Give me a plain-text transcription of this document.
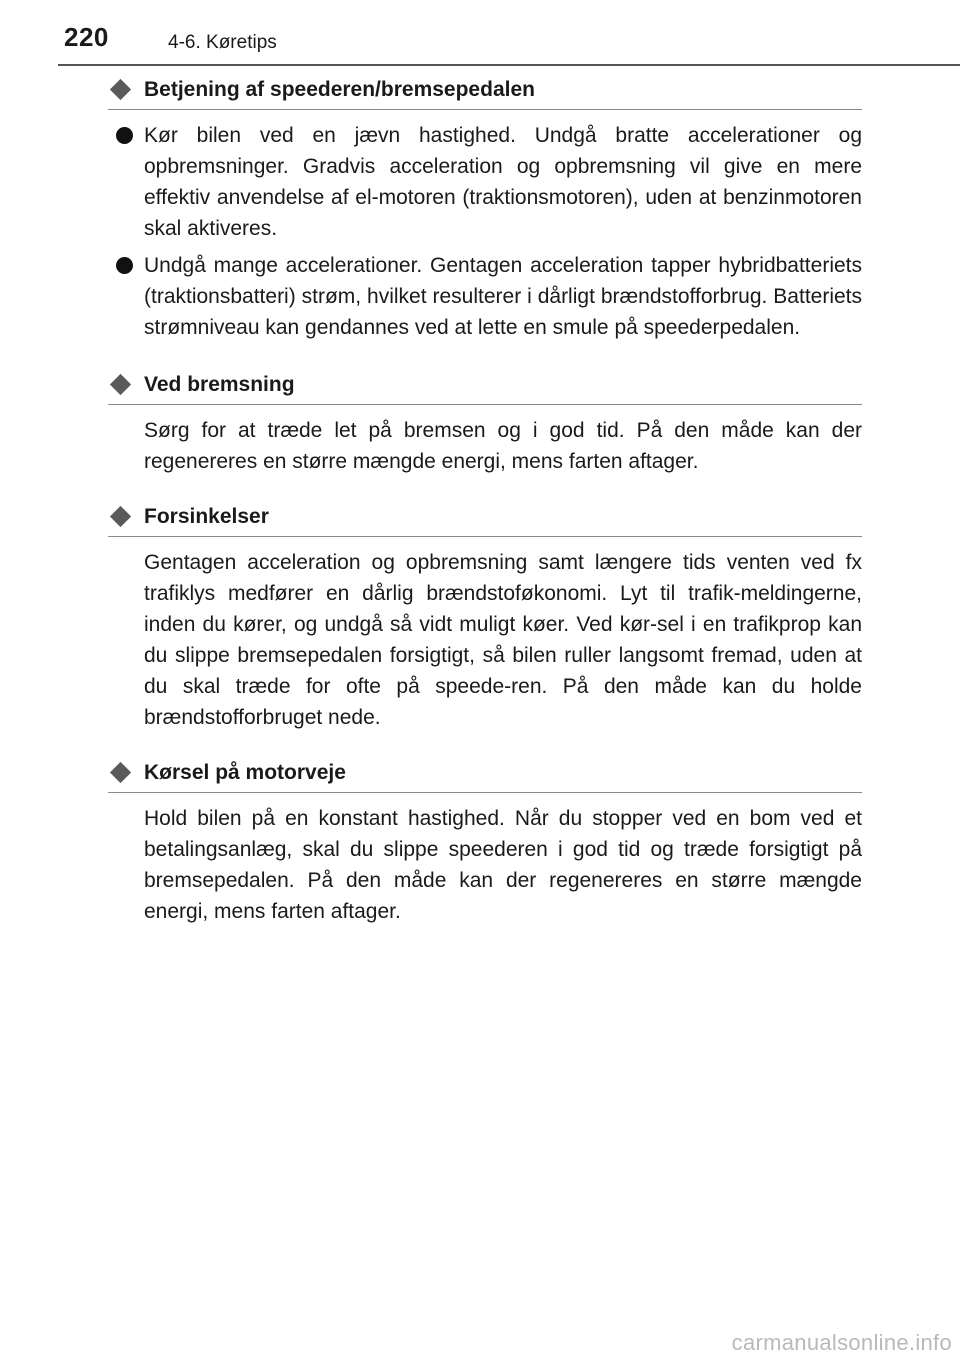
220	4-6. Køretips
Betjening af speederen/bremsepedalen
Kør bilen ved en jævn hastighed. Undgå bratte accelerationer og opbremsninger. Gradvis acceleration og opbremsning vil give en mere effektiv anvendelse af el-motoren (traktionsmotoren), uden at benzinmotoren skal aktiveres.
Undgå mange accelerationer. Gentagen acceleration tapper hybridbatteriets (traktionsbatteri) strøm, hvilket resulterer i dårligt brændstofforbrug. Batteriets strømniveau kan gendannes ved at lette en smule på speederpedalen.
Ved bremsning

Sørg for at træde let på bremsen og i god tid. På den måde kan der regenereres en større mængde energi, mens farten aftager.

Forsinkelser

Gentagen acceleration og opbremsning samt længere tids venten ved fx trafiklys medfører en dårlig brændstoføkonomi. Lyt til trafik-meldingerne, inden du kører, og undgå så vidt muligt køer. Ved kør-sel i en trafikprop kan du slippe bremsepedalen forsigtigt, så bilen ruller langsomt fremad, uden at du skal træde for ofte på speede-ren. På den måde kan du holde brændstofforbruget nede.

Kørsel på motorveje

Hold bilen på en konstant hastighed. Når du stopper ved en bom ved et betalingsanlæg, skal du slippe speederen i god tid og træde forsigtigt på bremsepedalen. På den måde kan der regenereres en større mængde energi, mens farten aftager.

carmanualsonline.info
